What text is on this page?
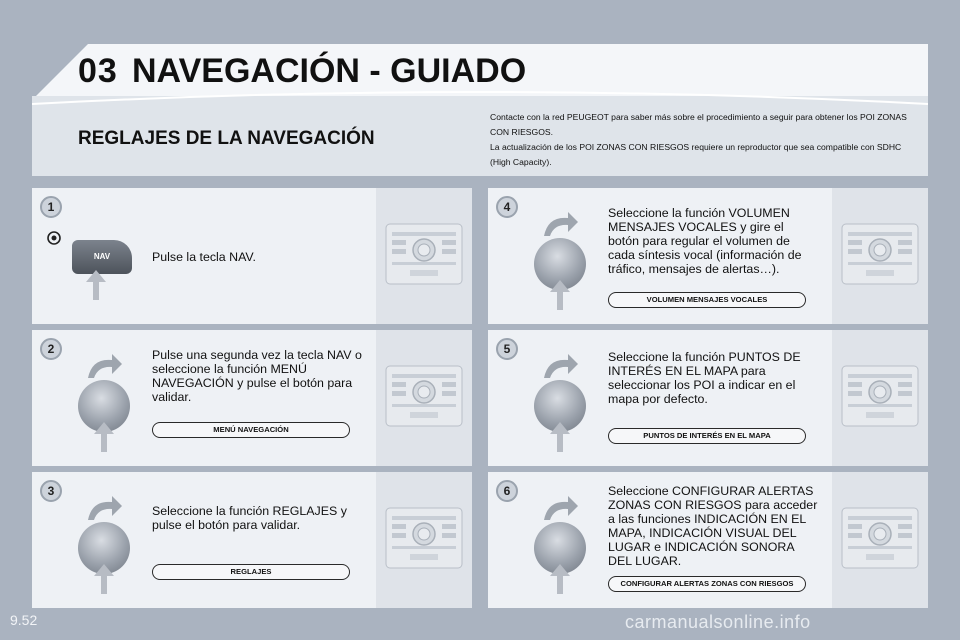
03 NAVEGACIÓN - GUIADO
REGLAJES DE LA NAVEGACIÓN
Contacte con la red PEUGEOT para saber más sobre el procedimiento a seguir para obtener los POI ZONAS CON RIESGOS.
La actualización de los POI ZONAS CON RIESGOS requiere un reproductor que sea compatible con SDHC (High Capacity).
1
NAV	Pulse la tecla NAV.
2	Pulse una segunda vez la tecla NAV o seleccione la función MENÚ NAVEGACIÓN y pulse el botón para validar.
MENÚ NAVEGACIÓN
3
Seleccione la función REGLAJES y pulse el botón para validar.
REGLAJES
4	Seleccione la función VOLUMEN MENSAJES VOCALES y gire el botón para regular el volumen de cada síntesis vocal (información de tráfico, mensajes de alertas…).
VOLUMEN MENSAJES VOCALES
5
Seleccione la función PUNTOS DE INTERÉS EN EL MAPA para seleccionar los POI a indicar en el mapa por defecto.
PUNTOS DE INTERÉS EN EL MAPA
6	Seleccione CONFIGURAR ALERTAS ZONAS CON RIESGOS para acceder a las funciones INDICACIÓN EN EL MAPA, INDICACIÓN VISUAL DEL LUGAR e INDICACIÓN SONORA DEL LUGAR.
CONFIGURAR ALERTAS ZONAS CON RIESGOS
9.52	carmanualsonline.info
